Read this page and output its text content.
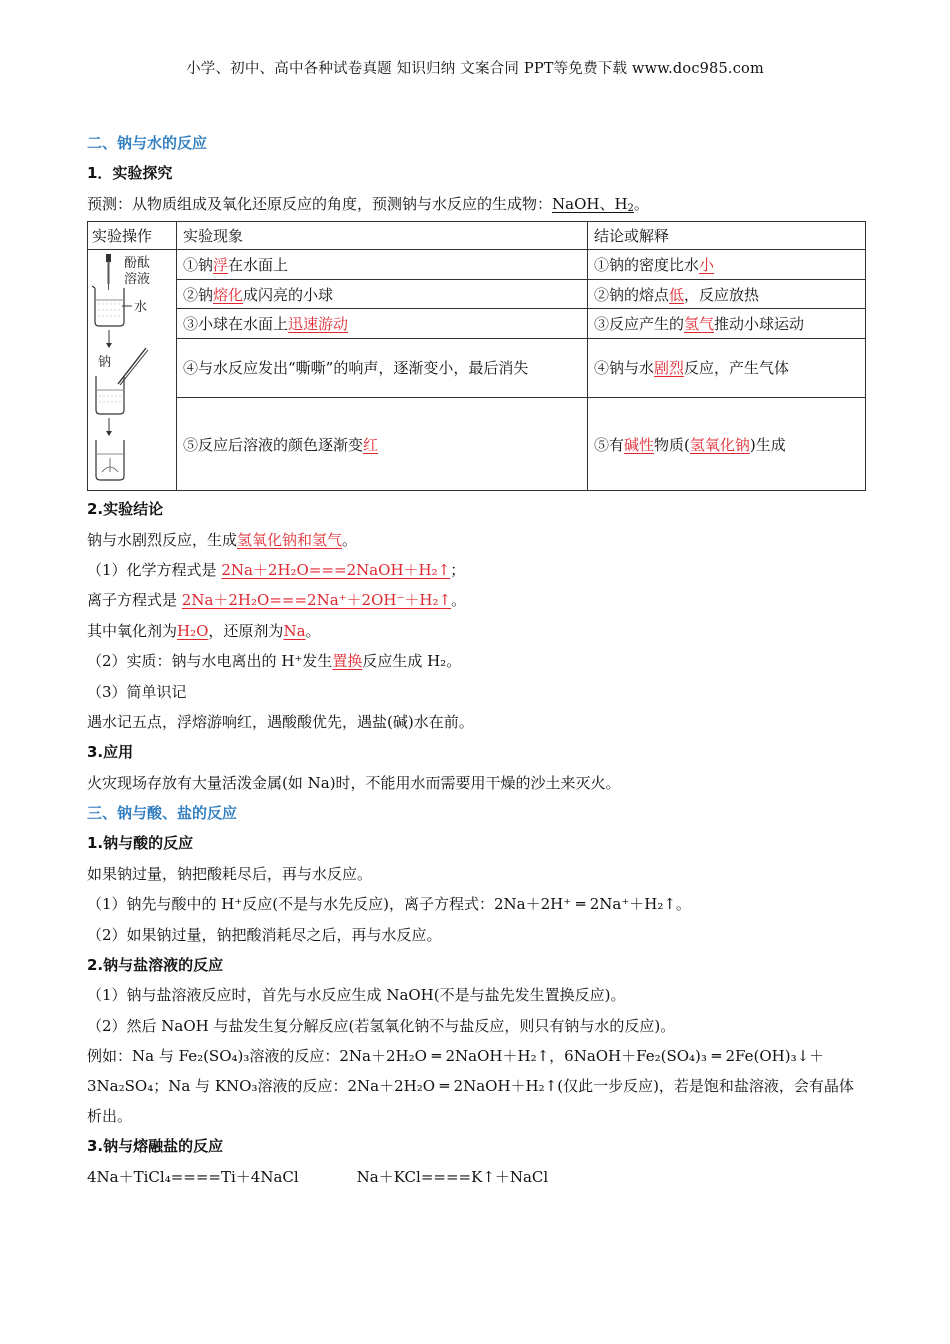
小学、初中、高中各种试卷真题 知识归纳 文案合同 PPT等免费下载 www.doc985.com
二、钠与水的反应
1．实验探究
预测：从物质组成及氧化还原反应的角度，预测钠与水反应的生成物：NaOH、$H_2$。
实验操作	实验现象	结论或解释

酚酞
溶液
水
钠	①钠浮在水面上	①钠的密度比水小
	②钠熔化成闪亮的小球	②钠的熔点低，反应放热
	③小球在水面上迅速游动	③反应产生的氢气推动小球运动
	④与水反应发出“嘶嘶”的响声，逐渐变小，最后消失	④钠与水剧烈反应，产生气体
	⑤反应后溶液的颜色逐渐变红	⑤有碱性物质(氢氧化钠)生成
2.实验结论
钠与水剧烈反应，生成氢氧化钠和氢气。
（1）化学方程式是 2Na＋2H₂O===2NaOH＋H₂↑；
离子方程式是 2Na＋2H₂O===2Na⁺＋2OH⁻＋H₂↑。
其中氧化剂为H₂O，还原剂为Na。
（2）实质：钠与水电离出的 H⁺发生置换反应生成 H₂。
（3）简单识记
遇水记五点，浮熔游响红，遇酸酸优先，遇盐(碱)水在前。
3.应用
火灾现场存放有大量活泼金属(如 Na)时，不能用水而需要用干燥的沙土来灭火。
三、钠与酸、盐的反应
1.钠与酸的反应
如果钠过量，钠把酸耗尽后，再与水反应。
（1）钠先与酸中的 H⁺反应(不是与水先反应)，离子方程式：2Na＋2H⁺ ═ 2Na⁺＋H₂↑。
（2）如果钠过量，钠把酸消耗尽之后，再与水反应。
2.钠与盐溶液的反应
（1）钠与盐溶液反应时，首先与水反应生成 NaOH(不是与盐先发生置换反应)。
（2）然后 NaOH 与盐发生复分解反应(若氢氧化钠不与盐反应，则只有钠与水的反应)。
例如：Na 与 Fe₂(SO₄)₃溶液的反应：2Na＋2H₂O ═ 2NaOH＋H₂↑，6NaOH＋Fe₂(SO₄)₃ ═ 2Fe(OH)₃↓＋3Na₂SO₄；Na 与 KNO₃溶液的反应：2Na＋2H₂O ═ 2NaOH＋H₂↑(仅此一步反应)，若是饱和盐溶液，会有晶体析出。
3.钠与熔融盐的反应
4Na＋TiCl₄====Ti＋4NaCl	Na＋KCl====K↑＋NaCl
